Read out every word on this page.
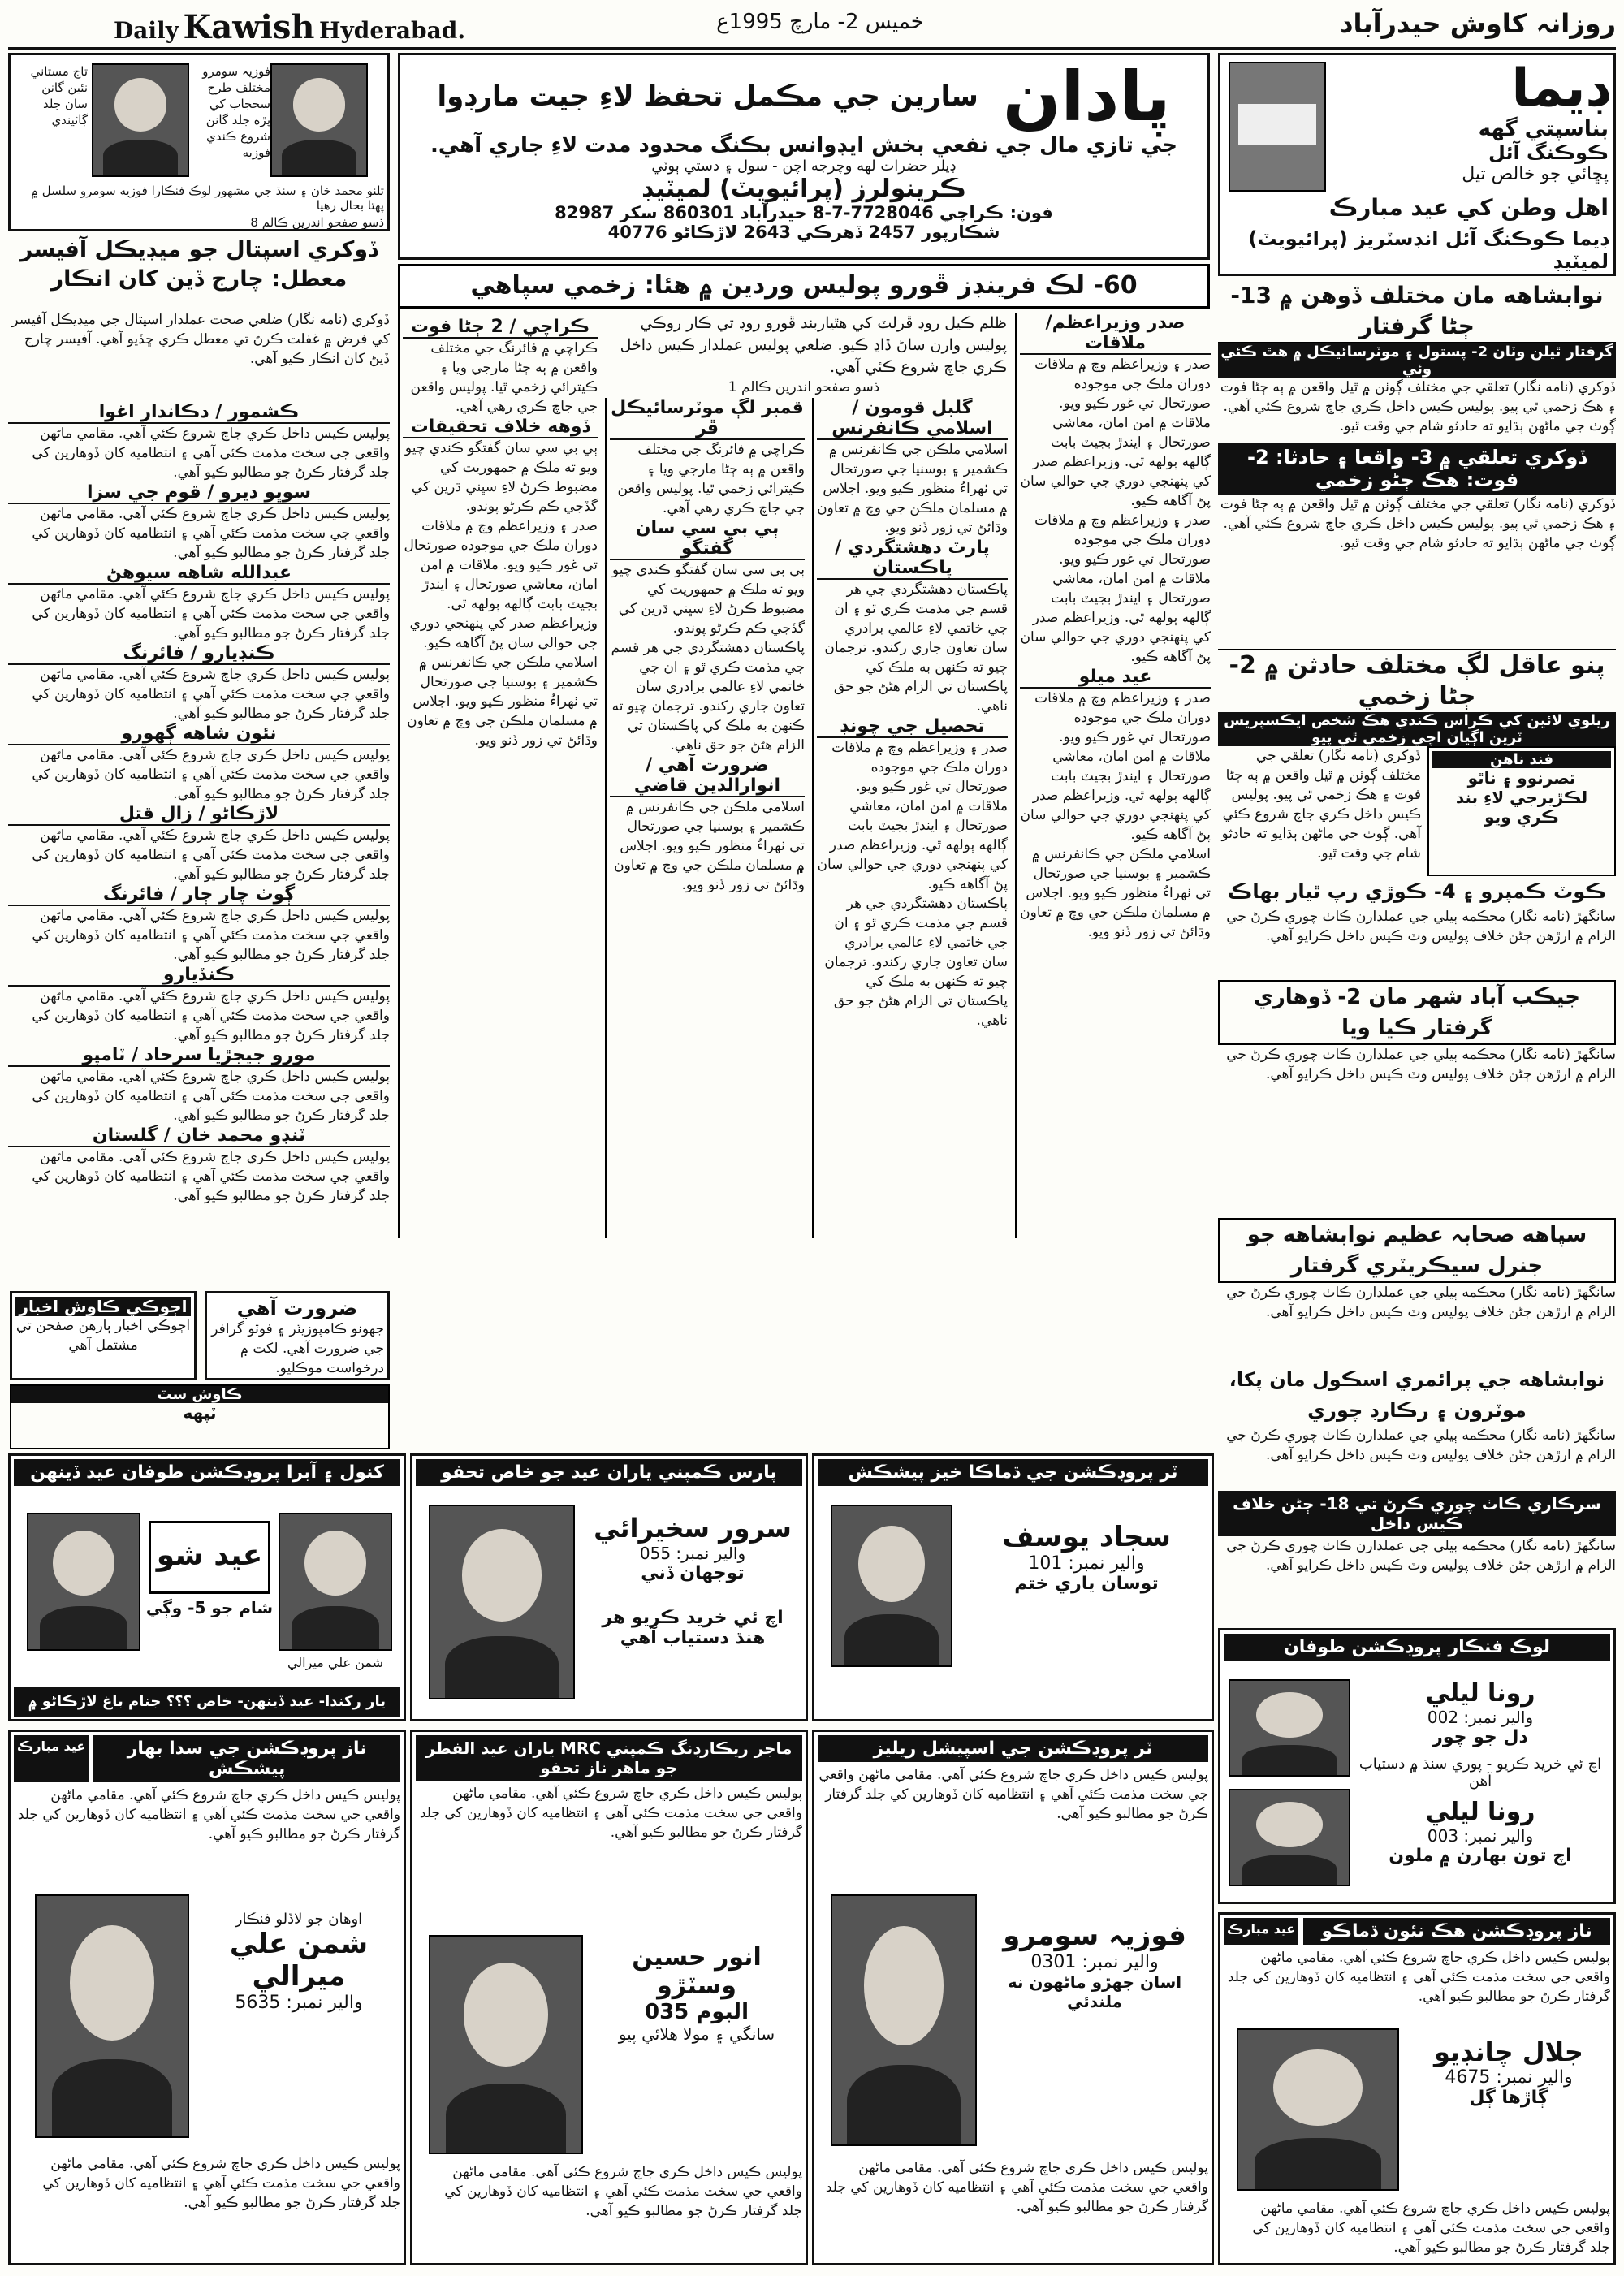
روزانہ کاوش حيدرآباد
خميس 2- مارچ 1995ع
Daily Kawish Hyderabad.
ڊيما
بناسپتي گهه
ڪوڪنگ آئل
پڇائي جو خالص تيل
اهل وطن کي عيد مبارڪ
ڊيما ڪوڪنگ آئل انڊسٽريز (پرائيويٽ) لميٽيڊ
پادان
سارين جي مڪمل تحفظ لاءِ جيت مارڊوا
جي تازي مال جي نفعي بخش ايڊوانس بڪنگ محدود مدت لاءِ جاري آهي.
ڊيلر حضرات لهه وچرجه اچن - سول ۽ دستي ٻوٽي
ڪرينولرز (پرائيويٽ) لميٽيڊ
فون: ڪراچي 7728046-7-8 حيدرآباد 860301 سکر 82987
شڪارپور 2457 ڏهرڪي 2643 لاڙڪاڻو 40776
فوزيہ سومرو مختلف طرح سحجاب کي پڙه جلد گانن شروع ڪندي فوزيه
تاج مستاني نئين گانن سان جلد ڳائيندي
تلنو محمد خان ۽ سنڌ جي مشهور لوڪ فنڪارا فوزيه سومرو سلسل ۾ پهتا بحال رهيا
ذسو صفحو اندرين ڪالم 8
ڏوکري اسپتال جو ميڊيڪل آفيسر معطل: چارج ڏين کان انڪار
ڏوکري (نامه نگار) ضلعي صحت عملدار اسپتال جي ميڊيڪل آفيسر کي فرض ۾ غفلت ڪرڻ تي معطل ڪري ڇڏيو آهي. آفيسر چارج ڏيڻ کان انڪار ڪيو آهي.
ڪشمور / دڪاندار اغوا
پوليس ڪيس داخل ڪري جاچ شروع ڪئي آهي. مقامي ماڻهن واقعي جي سخت مذمت ڪئي آهي ۽ انتظاميه کان ڏوهارين کي جلد گرفتار ڪرڻ جو مطالبو ڪيو آهي.
سوڀو ديرو / قوم جي سزا
پوليس ڪيس داخل ڪري جاچ شروع ڪئي آهي. مقامي ماڻهن واقعي جي سخت مذمت ڪئي آهي ۽ انتظاميه کان ڏوهارين کي جلد گرفتار ڪرڻ جو مطالبو ڪيو آهي.
عبدالله شاهه سيوهڻ
پوليس ڪيس داخل ڪري جاچ شروع ڪئي آهي. مقامي ماڻهن واقعي جي سخت مذمت ڪئي آهي ۽ انتظاميه کان ڏوهارين کي جلد گرفتار ڪرڻ جو مطالبو ڪيو آهي.
ڪنڊيارو / فائرنگ
پوليس ڪيس داخل ڪري جاچ شروع ڪئي آهي. مقامي ماڻهن واقعي جي سخت مذمت ڪئي آهي ۽ انتظاميه کان ڏوهارين کي جلد گرفتار ڪرڻ جو مطالبو ڪيو آهي.
نئون شاهه ڳهورو
پوليس ڪيس داخل ڪري جاچ شروع ڪئي آهي. مقامي ماڻهن واقعي جي سخت مذمت ڪئي آهي ۽ انتظاميه کان ڏوهارين کي جلد گرفتار ڪرڻ جو مطالبو ڪيو آهي.
لاڙڪاڻو / زال قتل
پوليس ڪيس داخل ڪري جاچ شروع ڪئي آهي. مقامي ماڻهن واقعي جي سخت مذمت ڪئي آهي ۽ انتظاميه کان ڏوهارين کي جلد گرفتار ڪرڻ جو مطالبو ڪيو آهي.
ڳوٺ چار ڄار / فائرنگ
پوليس ڪيس داخل ڪري جاچ شروع ڪئي آهي. مقامي ماڻهن واقعي جي سخت مذمت ڪئي آهي ۽ انتظاميه کان ڏوهارين کي جلد گرفتار ڪرڻ جو مطالبو ڪيو آهي.
ڪنڏيارو
پوليس ڪيس داخل ڪري جاچ شروع ڪئي آهي. مقامي ماڻهن واقعي جي سخت مذمت ڪئي آهي ۽ انتظاميه کان ڏوهارين کي جلد گرفتار ڪرڻ جو مطالبو ڪيو آهي.
مورو جيجڙيا سرحاد / ٽامپو
پوليس ڪيس داخل ڪري جاچ شروع ڪئي آهي. مقامي ماڻهن واقعي جي سخت مذمت ڪئي آهي ۽ انتظاميه کان ڏوهارين کي جلد گرفتار ڪرڻ جو مطالبو ڪيو آهي.
ٽنڊو محمد خان / گلستان
پوليس ڪيس داخل ڪري جاچ شروع ڪئي آهي. مقامي ماڻهن واقعي جي سخت مذمت ڪئي آهي ۽ انتظاميه کان ڏوهارين کي جلد گرفتار ڪرڻ جو مطالبو ڪيو آهي.
اڄوڪي ڪاوش اخبار
اڄوڪي اخبار ٻارهن صفحن تي مشتمل آهي
ضرورت آهي
جهونو ڪامپوزيٽر ۽ فوٽو گرافر جي ضرورت آهي. لکت ۾ درخواست موڪليو.
ڪاوش سٽ
ٽپهه
نوابشاهه مان مختلف ڏوهن ۾ 13- ڄڻا گرفتار
گرفتار ٿيلن وٽان 2- پستول ۽ موٽرسائيڪل ۾ هٿ ڪئي وئي
ڏوکري (نامه نگار) تعلقي جي مختلف ڳوٺن ۾ ٿيل واقعن ۾ ٻه ڄڻا فوت ۽ هڪ زخمي ٿي پيو. پوليس ڪيس داخل ڪري جاچ شروع ڪئي آهي. ڳوٺ جي ماڻهن ٻڌايو ته حادثو شام جي وقت ٿيو.
ڏوکري تعلقي ۾ 3- واقعا ۽ حادثا: 2- فوت: هڪ ڄڻو زخمي
ڏوکري (نامه نگار) تعلقي جي مختلف ڳوٺن ۾ ٿيل واقعن ۾ ٻه ڄڻا فوت ۽ هڪ زخمي ٿي پيو. پوليس ڪيس داخل ڪري جاچ شروع ڪئي آهي. ڳوٺ جي ماڻهن ٻڌايو ته حادثو شام جي وقت ٿيو.
پنو عاقل لڳ مختلف حادثن ۾ 2- ڄڻا زخمي
ريلوي لائين کي ڪراس ڪندي هڪ شخص ايڪسپريس ٽرين اڳيان اچي زخمي ٿي پيو
ڏوکري (نامه نگار) تعلقي جي مختلف ڳوٺن ۾ ٿيل واقعن ۾ ٻه ڄڻا فوت ۽ هڪ زخمي ٿي پيو. پوليس ڪيس داخل ڪري جاچ شروع ڪئي آهي. ڳوٺ جي ماڻهن ٻڌايو ته حادثو شام جي وقت ٿيو.
فند ناهن
تصرنوو ۽ ناٿو لڪڙيرجي لاءِ بند ڪري ويو
ڪوٽ ڪمپرو ۽ 4- ڪوڙي رپ ٿيار بهاڪ
سانگهڙ (نامه نگار) محڪمه ٻيلي جي عملدارن ڪاٺ چوري ڪرڻ جي الزام ۾ ارڙهن ڄڻن خلاف پوليس وٽ ڪيس داخل ڪرايو آهي.
جيڪب آباد شهر مان 2- ڏوهاري گرفتار ڪيا ويا
سانگهڙ (نامه نگار) محڪمه ٻيلي جي عملدارن ڪاٺ چوري ڪرڻ جي الزام ۾ ارڙهن ڄڻن خلاف پوليس وٽ ڪيس داخل ڪرايو آهي.
سپاهه صحابہ عظيم نوابشاهه جو جنرل سيڪريٽري گرفتار
سانگهڙ (نامه نگار) محڪمه ٻيلي جي عملدارن ڪاٺ چوري ڪرڻ جي الزام ۾ ارڙهن ڄڻن خلاف پوليس وٽ ڪيس داخل ڪرايو آهي.
نوابشاهه جي پرائمري اسڪول مان پکا، موٽرون ۽ رڪارڊ چوري
سانگهڙ (نامه نگار) محڪمه ٻيلي جي عملدارن ڪاٺ چوري ڪرڻ جي الزام ۾ ارڙهن ڄڻن خلاف پوليس وٽ ڪيس داخل ڪرايو آهي.
سرڪاري ڪاٺ چوري ڪرڻ تي 18- ڄڻن خلاف ڪيس داخل
سانگهڙ (نامه نگار) محڪمه ٻيلي جي عملدارن ڪاٺ چوري ڪرڻ جي الزام ۾ ارڙهن ڄڻن خلاف پوليس وٽ ڪيس داخل ڪرايو آهي.
60- لڪ فرينڊز ڦورو پوليس وردين ۾ هئا: زخمي سپاهي
ظلم ڪيل روڊ ڦرلٽ کي هٿياربند ڦورو روڊ تي ڪار روڪي پوليس وارن ساڻ ڏاڍ ڪيو. ضلعي پوليس عملدار ڪيس داخل ڪري جاچ شروع ڪئي آهي.
ذسو صفحو اندرين ڪالم 1
صدر وزيراعظم/ ملاقات
صدر ۽ وزيراعظم وچ ۾ ملاقات دوران ملڪ جي موجوده صورتحال تي غور ڪيو ويو. ملاقات ۾ امن امان، معاشي صورتحال ۽ ايندڙ بجيٽ بابت ڳالهه ٻولهه ٿي. وزيراعظم صدر کي پنهنجي دوري جي حوالي سان پڻ آگاهه ڪيو.
صدر ۽ وزيراعظم وچ ۾ ملاقات دوران ملڪ جي موجوده صورتحال تي غور ڪيو ويو. ملاقات ۾ امن امان، معاشي صورتحال ۽ ايندڙ بجيٽ بابت ڳالهه ٻولهه ٿي. وزيراعظم صدر کي پنهنجي دوري جي حوالي سان پڻ آگاهه ڪيو.
عيد ميلو
صدر ۽ وزيراعظم وچ ۾ ملاقات دوران ملڪ جي موجوده صورتحال تي غور ڪيو ويو. ملاقات ۾ امن امان، معاشي صورتحال ۽ ايندڙ بجيٽ بابت ڳالهه ٻولهه ٿي. وزيراعظم صدر کي پنهنجي دوري جي حوالي سان پڻ آگاهه ڪيو.
اسلامي ملڪن جي ڪانفرنس ۾ ڪشمير ۽ بوسنيا جي صورتحال تي ٺهراءُ منظور ڪيو ويو. اجلاس ۾ مسلمان ملڪن جي وچ ۾ تعاون وڌائڻ تي زور ڏنو ويو.
گلبل قومون / اسلامي ڪانفرنس
اسلامي ملڪن جي ڪانفرنس ۾ ڪشمير ۽ بوسنيا جي صورتحال تي ٺهراءُ منظور ڪيو ويو. اجلاس ۾ مسلمان ملڪن جي وچ ۾ تعاون وڌائڻ تي زور ڏنو ويو.
پارٽ دهشتگردي / پاڪستان
پاڪستان دهشتگردي جي هر قسم جي مذمت ڪري ٿو ۽ ان جي خاتمي لاءِ عالمي برادري سان تعاون جاري رکندو. ترجمان چيو ته ڪنهن به ملڪ کي پاڪستان تي الزام هڻڻ جو حق ناهي.
تحصيل جي چونڊ
صدر ۽ وزيراعظم وچ ۾ ملاقات دوران ملڪ جي موجوده صورتحال تي غور ڪيو ويو. ملاقات ۾ امن امان، معاشي صورتحال ۽ ايندڙ بجيٽ بابت ڳالهه ٻولهه ٿي. وزيراعظم صدر کي پنهنجي دوري جي حوالي سان پڻ آگاهه ڪيو.
پاڪستان دهشتگردي جي هر قسم جي مذمت ڪري ٿو ۽ ان جي خاتمي لاءِ عالمي برادري سان تعاون جاري رکندو. ترجمان چيو ته ڪنهن به ملڪ کي پاڪستان تي الزام هڻڻ جو حق ناهي.
قمبر لڳ موٽرسائيڪل ڦر
ڪراچي ۾ فائرنگ جي مختلف واقعن ۾ ٻه ڄڻا مارجي ويا ۽ ڪيترائي زخمي ٿيا. پوليس واقعن جي جاچ ڪري رهي آهي.
ٻي بي سي سان گفتگو
ٻي بي سي سان گفتگو ڪندي چيو ويو ته ملڪ ۾ جمهوريت کي مضبوط ڪرڻ لاءِ سڀني ڌرين کي گڏجي ڪم ڪرڻو پوندو.
پاڪستان دهشتگردي جي هر قسم جي مذمت ڪري ٿو ۽ ان جي خاتمي لاءِ عالمي برادري سان تعاون جاري رکندو. ترجمان چيو ته ڪنهن به ملڪ کي پاڪستان تي الزام هڻڻ جو حق ناهي.
ضرورت آهي / انوارالدين قاضي
اسلامي ملڪن جي ڪانفرنس ۾ ڪشمير ۽ بوسنيا جي صورتحال تي ٺهراءُ منظور ڪيو ويو. اجلاس ۾ مسلمان ملڪن جي وچ ۾ تعاون وڌائڻ تي زور ڏنو ويو.
ڪراچي / 2 ڄڻا فوت
ڪراچي ۾ فائرنگ جي مختلف واقعن ۾ ٻه ڄڻا مارجي ويا ۽ ڪيترائي زخمي ٿيا. پوليس واقعن جي جاچ ڪري رهي آهي.
ڏوهه خلاف تحقيقات
ٻي بي سي سان گفتگو ڪندي چيو ويو ته ملڪ ۾ جمهوريت کي مضبوط ڪرڻ لاءِ سڀني ڌرين کي گڏجي ڪم ڪرڻو پوندو.
صدر ۽ وزيراعظم وچ ۾ ملاقات دوران ملڪ جي موجوده صورتحال تي غور ڪيو ويو. ملاقات ۾ امن امان، معاشي صورتحال ۽ ايندڙ بجيٽ بابت ڳالهه ٻولهه ٿي. وزيراعظم صدر کي پنهنجي دوري جي حوالي سان پڻ آگاهه ڪيو.
اسلامي ملڪن جي ڪانفرنس ۾ ڪشمير ۽ بوسنيا جي صورتحال تي ٺهراءُ منظور ڪيو ويو. اجلاس ۾ مسلمان ملڪن جي وچ ۾ تعاون وڌائڻ تي زور ڏنو ويو.
کنول ۽ آبرا پروڊڪشن طوفان عيد ڏينهن
عيد شو
شام جو 5- وڳي
شمن علي ميرالي
يار رکندا- عيد ڏينهن- خاص ؟؟؟ جنام باغ لاڙڪاڻو ۾
پارس ڪمپني ياران عيد جو خاص تحفو
سرور سخيرائي
والير نمبر: 055
توجهان ڏني
اچ ئي خريد ڪريو هر هنڌ دستياب آهي
ٽر پروڊڪشن جي ڌماڪا خيز پيشڪش
سجاد يوسف
والير نمبر: 101
توسان ياري ختم
لوڪ فنڪار پروڊڪشن طوفان
رونا ليلي
والير نمبر: 002
دل جو چور
اچ ئي خريد ڪريو - پوري سنڌ ۾ دستياب آهن
رونا ليلي
والير نمبر: 003
اچ تون بهارن ۾ ملون
عيد مبارڪ	ناز پروڊڪشن جي سدا بهار پيشڪش
پوليس ڪيس داخل ڪري جاچ شروع ڪئي آهي. مقامي ماڻهن واقعي جي سخت مذمت ڪئي آهي ۽ انتظاميه کان ڏوهارين کي جلد گرفتار ڪرڻ جو مطالبو ڪيو آهي.
اوهان جو لاڏلو فنڪار
شمن علي ميرالي
والير نمبر: 5635
پوليس ڪيس داخل ڪري جاچ شروع ڪئي آهي. مقامي ماڻهن واقعي جي سخت مذمت ڪئي آهي ۽ انتظاميه کان ڏوهارين کي جلد گرفتار ڪرڻ جو مطالبو ڪيو آهي.
ماجر ريڪارڊنگ ڪمپني MRC ياران عيد الفطر جو ماهر ناز تحفو
پوليس ڪيس داخل ڪري جاچ شروع ڪئي آهي. مقامي ماڻهن واقعي جي سخت مذمت ڪئي آهي ۽ انتظاميه کان ڏوهارين کي جلد گرفتار ڪرڻ جو مطالبو ڪيو آهي.
انور حسين وسٽڙو
البوم 035
سانگي ۽ مولا هلائي پيو
پوليس ڪيس داخل ڪري جاچ شروع ڪئي آهي. مقامي ماڻهن واقعي جي سخت مذمت ڪئي آهي ۽ انتظاميه کان ڏوهارين کي جلد گرفتار ڪرڻ جو مطالبو ڪيو آهي.
ٽر پروڊڪشن جي اسپيشل ريليز
پوليس ڪيس داخل ڪري جاچ شروع ڪئي آهي. مقامي ماڻهن واقعي جي سخت مذمت ڪئي آهي ۽ انتظاميه کان ڏوهارين کي جلد گرفتار ڪرڻ جو مطالبو ڪيو آهي.
فوزيہ سومرو
والير نمبر: 0301
اسان جهڙو ماڻهون نه ملندئي
پوليس ڪيس داخل ڪري جاچ شروع ڪئي آهي. مقامي ماڻهن واقعي جي سخت مذمت ڪئي آهي ۽ انتظاميه کان ڏوهارين کي جلد گرفتار ڪرڻ جو مطالبو ڪيو آهي.
عيد مبارڪ	ناز پروڊڪشن هڪ نئون ڌماڪو
پوليس ڪيس داخل ڪري جاچ شروع ڪئي آهي. مقامي ماڻهن واقعي جي سخت مذمت ڪئي آهي ۽ انتظاميه کان ڏوهارين کي جلد گرفتار ڪرڻ جو مطالبو ڪيو آهي.
جلال چانڊيو
والير نمبر: 4675
ڳاڙها ڳل
پوليس ڪيس داخل ڪري جاچ شروع ڪئي آهي. مقامي ماڻهن واقعي جي سخت مذمت ڪئي آهي ۽ انتظاميه کان ڏوهارين کي جلد گرفتار ڪرڻ جو مطالبو ڪيو آهي.
